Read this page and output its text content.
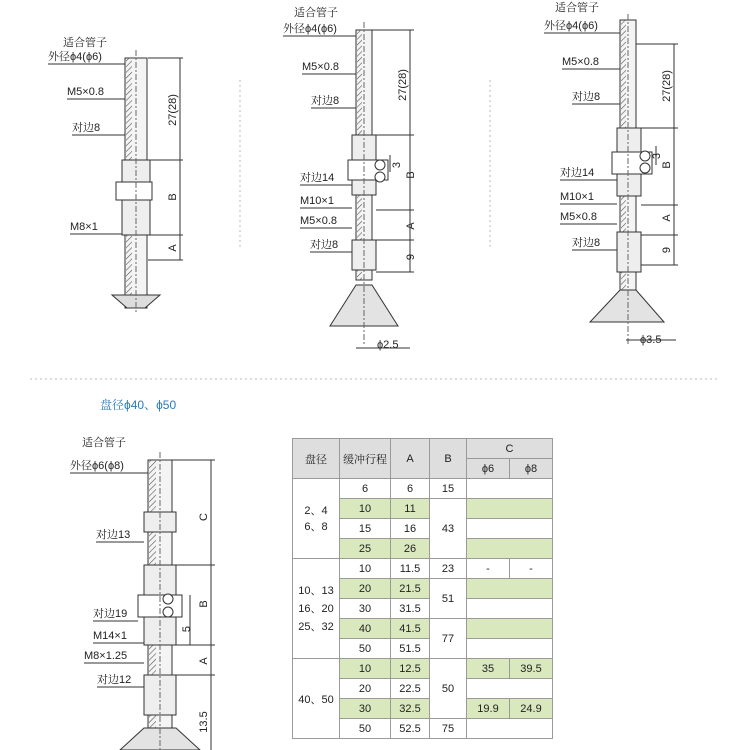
27(28)
B
A
适合管子
外径ϕ4(ϕ6)
M5×0.8
对边8
M8×1
27(28)
3
B
A
9
ϕ2.5
适合管子
外径ϕ4(ϕ6)
M5×0.8
对边8
对边14
M10×1
M5×0.8
对边8
27(28)
3
B
A
9
ϕ3.5
适合管子
外径ϕ4(ϕ6)
M5×0.8
对边8
对边14
M10×1
M5×0.8
对边8
盘径ϕ40、ϕ50
C
B
5
A
13.5
适合管子
外径ϕ6(ϕ8)
对边13
对边19
M14×1
M8×1.25
对边12
盘径	缓冲行程	A	B	C	
				ϕ6	ϕ8
2、4
6、8	6	6	15		
	10	11	43		
	15	16			
	25	26			
10、13
16、20
25、32	10	11.5	23	-	-
	20	21.5	51		
	30	31.5			
	40	41.5	77		
	50	51.5			
40、50	10	12.5	50	35	39.5
	20	22.5			
	30	32.5		19.9	24.9
	50	52.5	75		
